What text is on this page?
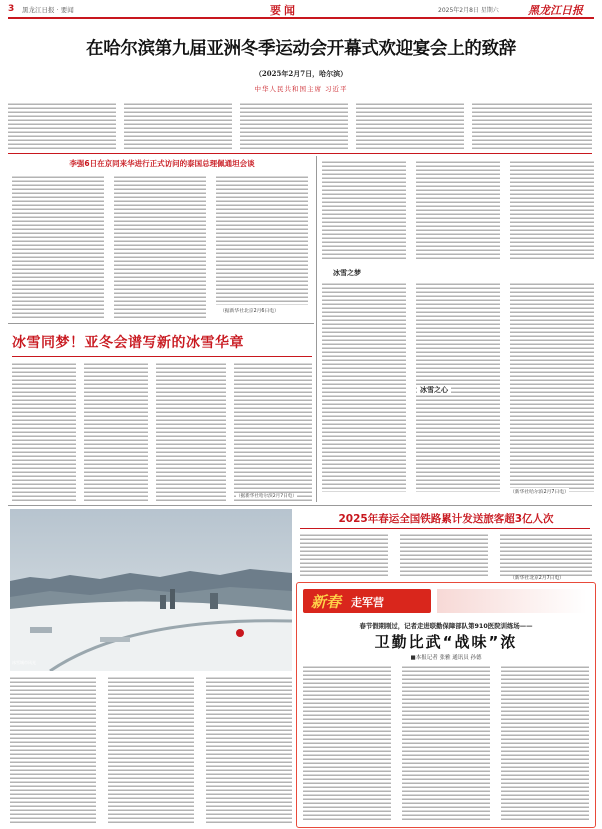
3 黑龙江日报 · 要闻	要闻	2025年2月8日 星期六	黑龙江日报
在哈尔滨第九届亚洲冬季运动会开幕式欢迎宴会上的致辞
（2025年2月7日，哈尔滨）
中华人民共和国主席 习近平
李强6日在京同来华进行正式访问的泰国总理佩通坦会谈
（据新华社北京2月6日电）
冰雪之梦
冰雪之心
（新华社哈尔滨2月7日电）
冰雪同梦！亚冬会谱写新的冰雪华章
（据新华社哈尔滨2月7日电）
2025年春运全国铁路累计发送旅客超3亿人次
（新华社北京2月7日电）
冰雪城市风光
新春 走军营
春节假期刚过，记者走进联勤保障部队第910医院训练场——
卫勤比武“战味”浓
■本报记者 张雅 通讯员 孙德
